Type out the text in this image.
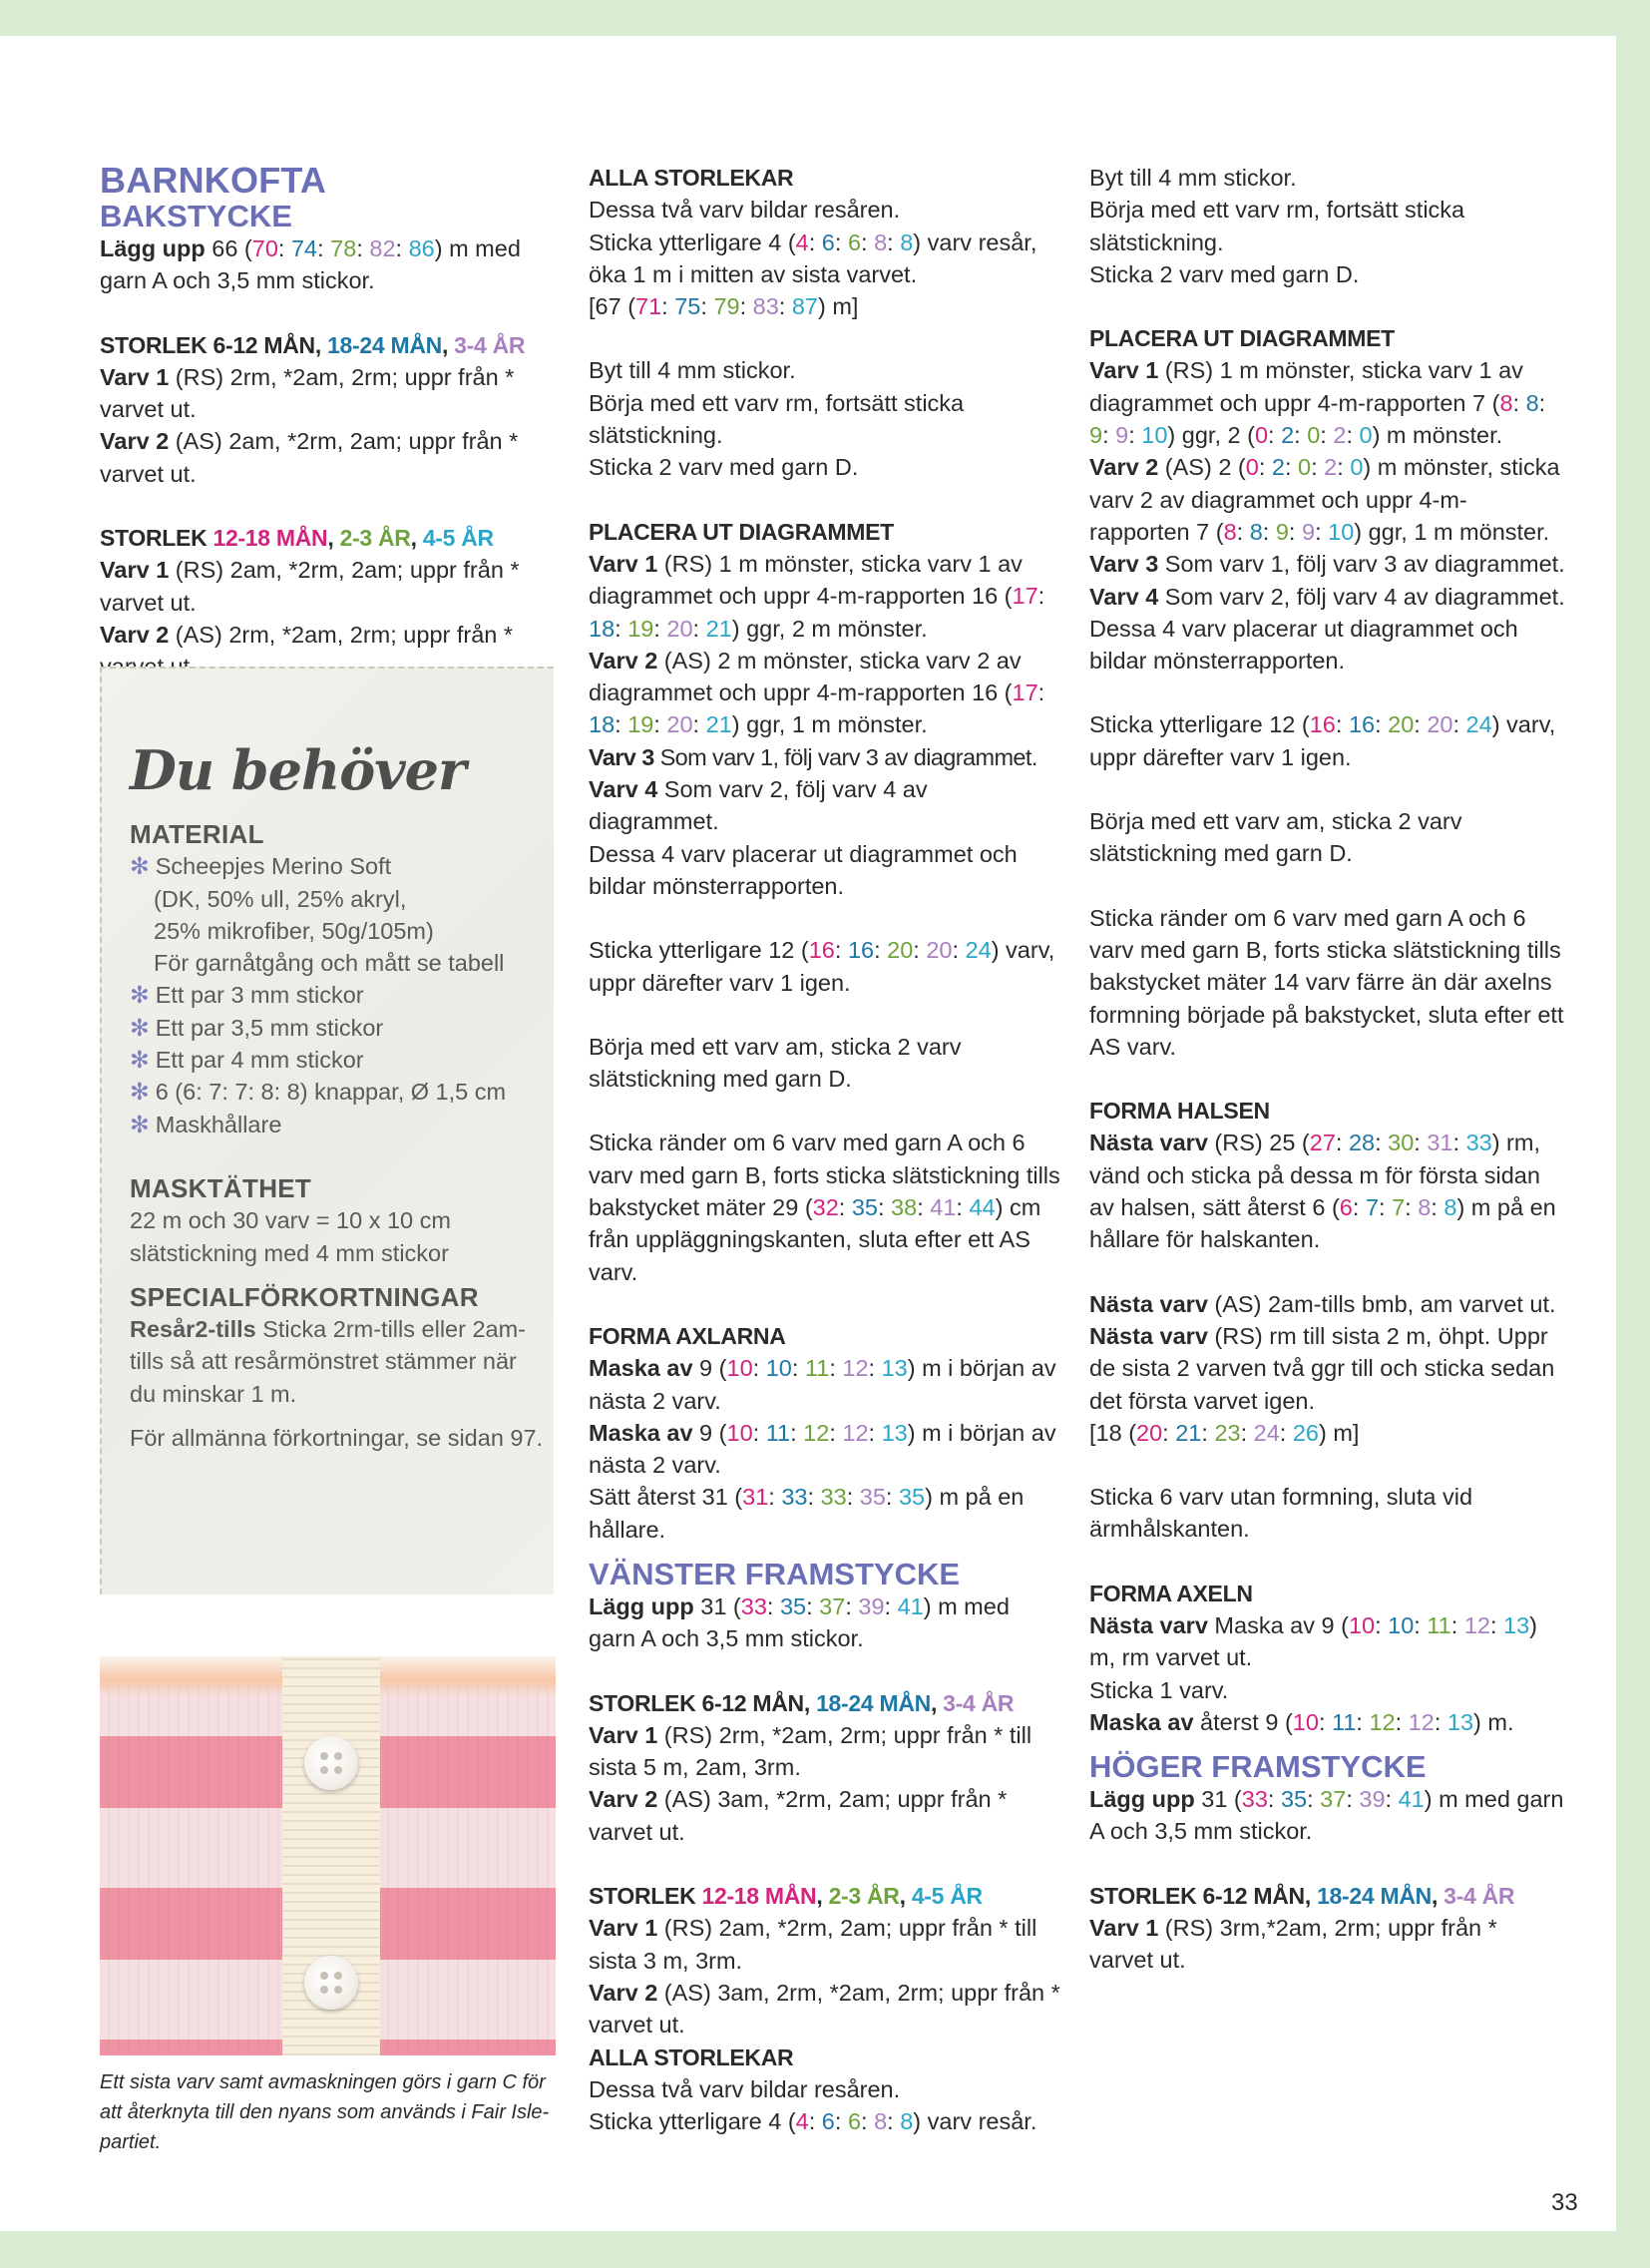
BARNKOFTA
BAKSTYCKE

Lägg upp 66 (70: 74: 78: 82: 86) m med garn A och 3,5 mm stickor.

STORLEK 6-12 MÅN, 18-24 MÅN, 3-4 ÅR

Varv 1 (RS) 2rm, *2am, 2rm; uppr från * varvet ut.

Varv 2 (AS) 2am, *2rm, 2am; uppr från * varvet ut.

STORLEK 12-18 MÅN, 2-3 ÅR, 4-5 ÅR

Varv 1 (RS) 2am, *2rm, 2am; uppr från * varvet ut.

Varv 2 (AS) 2rm, *2am, 2rm; uppr från *

Du behöver

MATERIAL

✻ Scheepjes Merino Soft

(DK, 50% ull, 25% akryl,

25% mikrofiber, 50g/105m)

För garnåtgång och mått se tabell

✻ Ett par 3 mm stickor

✻ Ett par 3,5 mm stickor

✻ Ett par 4 mm stickor

✻ 6 (6: 7: 7: 8: 8) knappar, Ø 1,5 cm

✻ Maskhållare

MASKTÄTHET

22 m och 30 varv = 10 x 10 cm slätstickning med 4 mm stickor

SPECIALFÖRKORTNINGAR

Resår2-tills Sticka 2rm-tills eller 2am-tills så att resårmönstret stämmer när du minskar 1 m.

För allmänna förkortningar, se sidan 97.

Ett sista varv samt avmaskningen görs i garn C för att återknyta till den nyans som används i Fair Isle-partiet.

ALLA STORLEKAR

Dessa två varv bildar resåren.

Sticka ytterligare 4 (4: 6: 6: 8: 8) varv resår, öka 1 m i mitten av sista varvet.

[67 (71: 75: 79: 83: 87) m]

Byt till 4 mm stickor.

Börja med ett varv rm, fortsätt sticka slätstickning.

Sticka 2 varv med garn D.

PLACERA UT DIAGRAMMET

Varv 1 (RS) 1 m mönster, sticka varv 1 av diagrammet och uppr 4-m-rapporten 16 (17: 18: 19: 20: 21) ggr, 2 m mönster.

Varv 2 (AS) 2 m mönster, sticka varv 2 av diagrammet och uppr 4-m-rapporten 16 (17: 18: 19: 20: 21) ggr, 1 m mönster.

Varv 3 Som varv 1, följ varv 3 av diagrammet.

Varv 4 Som varv 2, följ varv 4 av diagrammet.

Dessa 4 varv placerar ut diagrammet och bildar mönsterrapporten.

Sticka ytterligare 12 (16: 16: 20: 20: 24) varv, uppr därefter varv 1 igen.

Börja med ett varv am, sticka 2 varv slätstickning med garn D.

Sticka ränder om 6 varv med garn A och 6 varv med garn B, forts sticka slätstickning tills bakstycket mäter 29 (32: 35: 38: 41: 44) cm från uppläggningskanten, sluta efter ett AS varv.

FORMA AXLARNA

Maska av 9 (10: 10: 11: 12: 13) m i början av nästa 2 varv.

Maska av 9 (10: 11: 12: 12: 13) m i början av nästa 2 varv.

Sätt återst 31 (31: 33: 33: 35: 35) m på en hållare.

VÄNSTER FRAMSTYCKE

Lägg upp 31 (33: 35: 37: 39: 41) m med garn A och 3,5 mm stickor.

STORLEK 6-12 MÅN, 18-24 MÅN, 3-4 ÅR

Varv 1 (RS) 2rm, *2am, 2rm; uppr från * till sista 5 m, 2am, 3rm.

Varv 2 (AS) 3am, *2rm, 2am; uppr från * varvet ut.

STORLEK 12-18 MÅN, 2-3 ÅR, 4-5 ÅR

Varv 1 (RS) 2am, *2rm, 2am; uppr från * till sista 3 m, 3rm.

Varv 2 (AS) 3am, 2rm, *2am, 2rm; uppr från * varvet ut.

ALLA STORLEKAR

Dessa två varv bildar resåren.

Sticka ytterligare 4 (4: 6: 6: 8: 8) varv resår.

Byt till 4 mm stickor.

Börja med ett varv rm, fortsätt sticka slätstickning.

Sticka 2 varv med garn D.

PLACERA UT DIAGRAMMET

Varv 1 (RS) 1 m mönster, sticka varv 1 av diagrammet och uppr 4-m-rapporten 7 (8: 8: 9: 9: 10) ggr, 2 (0: 2: 0: 2: 0) m mönster.

Varv 2 (AS) 2 (0: 2: 0: 2: 0) m mönster, sticka varv 2 av diagrammet och uppr 4-m-rapporten 7 (8: 8: 9: 9: 10) ggr, 1 m mönster.

Varv 3 Som varv 1, följ varv 3 av diagrammet.

Varv 4 Som varv 2, följ varv 4 av diagrammet.

Dessa 4 varv placerar ut diagrammet och bildar mönsterrapporten.

Sticka ytterligare 12 (16: 16: 20: 20: 24) varv, uppr därefter varv 1 igen.

Börja med ett varv am, sticka 2 varv slätstickning med garn D.

Sticka ränder om 6 varv med garn A och 6 varv med garn B, forts sticka slätstickning tills bakstycket mäter 14 varv färre än där axelns formning började på bakstycket, sluta efter ett AS varv.

FORMA HALSEN

Nästa varv (RS) 25 (27: 28: 30: 31: 33) rm, vänd och sticka på dessa m för första sidan av halsen, sätt återst 6 (6: 7: 7: 8: 8) m på en hållare för halskanten.

Nästa varv (AS) 2am-tills bmb, am varvet ut.

Nästa varv (RS) rm till sista 2 m, öhpt. Uppr de sista 2 varven två ggr till och sticka sedan det första varvet igen.

[18 (20: 21: 23: 24: 26) m]

Sticka 6 varv utan formning, sluta vid ärmhålskanten.

FORMA AXELN

Nästa varv Maska av 9 (10: 10: 11: 12: 13) m, rm varvet ut.

Sticka 1 varv.

Maska av återst 9 (10: 11: 12: 12: 13) m.

HÖGER FRAMSTYCKE

Lägg upp 31 (33: 35: 37: 39: 41) m med garn A och 3,5 mm stickor.

STORLEK 6-12 MÅN, 18-24 MÅN, 3-4 ÅR

Varv 1 (RS) 3rm,*2am, 2rm; uppr från * varvet ut.

33
